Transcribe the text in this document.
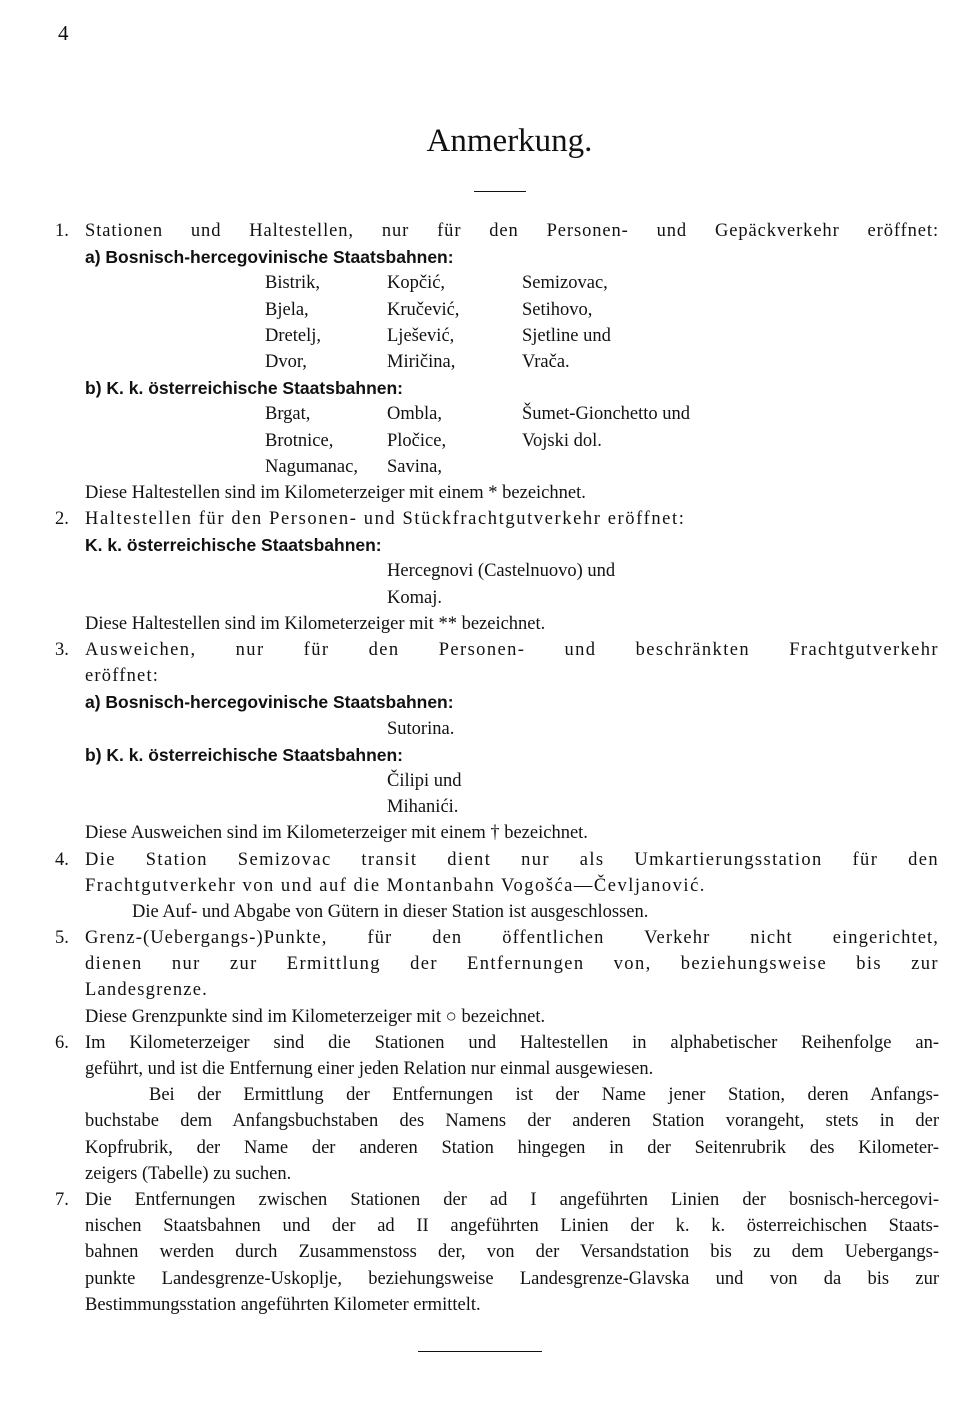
4
Anmerkung.
1. Stationen und Haltestellen, nur für den Personen- und Gepäckverkehr eröffnet:
a) Bosnisch-hercegovinische Staatsbahnen:
Bistrik,	Kopčić,	Semizovac,
Bjela,	Kručević,	Setihovo,
Dretelj,	Lješević,	Sjetline und
Dvor,	Miričina,	Vrača.
b) K. k. österreichische Staatsbahnen:
Brgat,	Ombla,	Šumet-Gionchetto und
Brotnice,	Pločice,	Vojski dol.
Nagumanac, Savina,
Diese Haltestellen sind im Kilometerzeiger mit einem * bezeichnet.
2. Haltestellen für den Personen- und Stückfrachtgutverkehr eröffnet:
K. k. österreichische Staatsbahnen:
Hercegnovi (Castelnuovo) und
Komaj.
Diese Haltestellen sind im Kilometerzeiger mit ** bezeichnet.
3. Ausweichen, nur für den Personen- und beschränkten Frachtgutverkehr
eröffnet:
a) Bosnisch-hercegovinische Staatsbahnen:
Sutorina.
b) K. k. österreichische Staatsbahnen:
Čilipi und
Mihanići.
Diese Ausweichen sind im Kilometerzeiger mit einem † bezeichnet.
4. Die Station Semizovac transit dient nur als Umkartierungsstation für den
Frachtgutverkehr von und auf die Montanbahn Vogošća—Čevljanović.
Die Auf- und Abgabe von Gütern in dieser Station ist ausgeschlossen.
5. Grenz-(Uebergangs-)Punkte, für den öffentlichen Verkehr nicht eingerichtet,
dienen nur zur Ermittlung der Entfernungen von, beziehungsweise bis zur
Landesgrenze.
Diese Grenzpunkte sind im Kilometerzeiger mit ○ bezeichnet.
6. Im Kilometerzeiger sind die Stationen und Haltestellen in alphabetischer Reihenfolge an-
geführt, und ist die Entfernung einer jeden Relation nur einmal ausgewiesen.
Bei der Ermittlung der Entfernungen ist der Name jener Station, deren Anfangs-
buchstabe dem Anfangsbuchstaben des Namens der anderen Station vorangeht, stets in der
Kopfrubrik, der Name der anderen Station hingegen in der Seitenrubrik des Kilometer-
zeigers (Tabelle) zu suchen.
7. Die Entfernungen zwischen Stationen der ad I angeführten Linien der bosnisch-hercegovi-
nischen Staatsbahnen und der ad II angeführten Linien der k. k. österreichischen Staats-
bahnen werden durch Zusammenstoss der, von der Versandstation bis zu dem Uebergangs-
punkte Landesgrenze-Uskoplje, beziehungsweise Landesgrenze-Glavska und von da bis zur
Bestimmungsstation angeführten Kilometer ermittelt.
